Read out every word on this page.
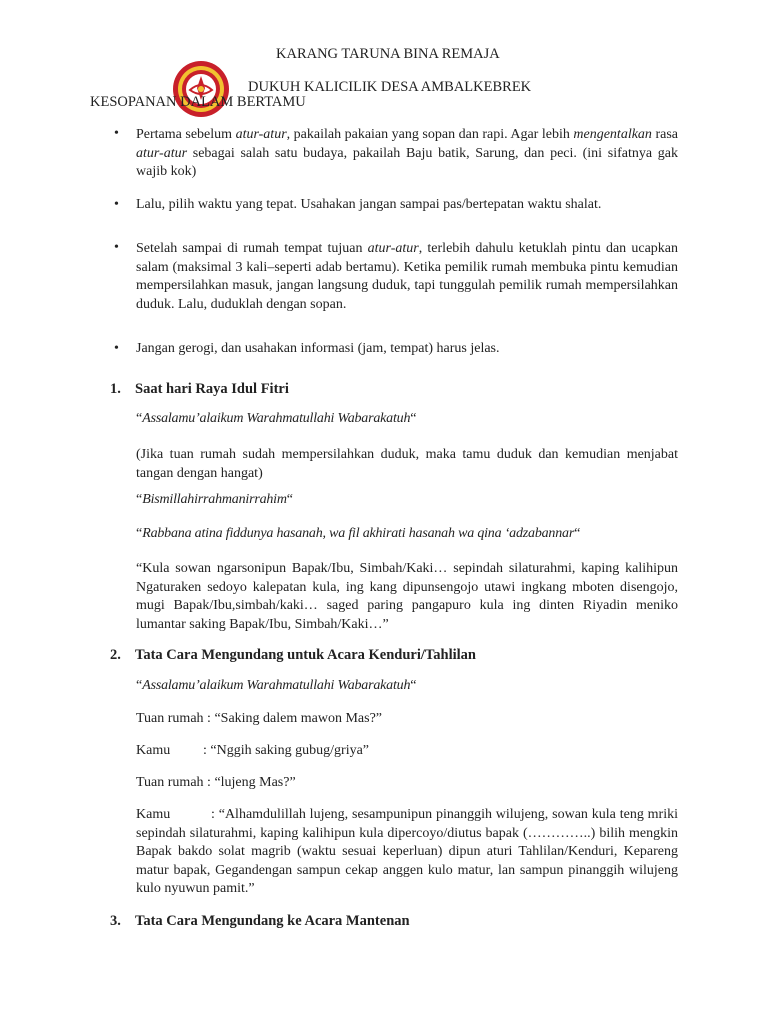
KARANG TARUNA BINA REMAJA
DUKUH KALICILIK DESA AMBALKEBREK
KESOPANAN DALAM BERTAMU
• Pertama sebelum atur-atur, pakailah pakaian yang sopan dan rapi. Agar lebih mengentalkan rasa atur-atur sebagai salah satu budaya, pakailah Baju batik, Sarung, dan peci. (ini sifatnya gak wajib kok)
• Lalu, pilih waktu yang tepat. Usahakan jangan sampai pas/bertepatan waktu shalat.
• Setelah sampai di rumah tempat tujuan atur-atur, terlebih dahulu ketuklah pintu dan ucapkan salam (maksimal 3 kali–seperti adab bertamu). Ketika pemilik rumah membuka pintu kemudian mempersilahkan masuk, jangan langsung duduk, tapi tunggulah pemilik rumah mempersilahkan duduk. Lalu, duduklah dengan sopan.
• Jangan gerogi, dan usahakan informasi (jam, tempat) harus jelas.
1. Saat hari Raya Idul Fitri
“Assalamu’alaikum Warahmatullahi Wabarakatuh“
(Jika tuan rumah sudah mempersilahkan duduk, maka tamu duduk dan kemudian menjabat tangan dengan hangat)
“Bismillahirrahmanirrahim“
“Rabbana atina fiddunya hasanah, wa fil akhirati hasanah wa qina ‘adzabannar“
“Kula sowan ngarsonipun Bapak/Ibu, Simbah/Kaki… sepindah silaturahmi, kaping kalihipun Ngaturaken sedoyo kalepatan kula, ing kang dipunsengojo utawi ingkang mboten disengojo, mugi Bapak/Ibu,simbah/kaki… saged paring pangapuro kula ing dinten Riyadin meniko lumantar saking Bapak/Ibu, Simbah/Kaki…”
2. Tata Cara Mengundang untuk Acara Kenduri/Tahlilan
“Assalamu’alaikum Warahmatullahi Wabarakatuh“
Tuan rumah : “Saking dalem mawon Mas?”
Kamu : “Nggih saking gubug/griya”
Tuan rumah : “lujeng Mas?”
Kamu	: “Alhamdulillah lujeng, sesampunipun pinanggih wilujeng, sowan kula teng mriki sepindah silaturahmi, kaping kalihipun kula dipercoyo/diutus bapak (…………..) bilih mengkin Bapak bakdo solat magrib (waktu sesuai keperluan) dipun aturi Tahlilan/Kenduri, Kepareng matur bapak, Gegandengan sampun cekap anggen kulo matur, lan sampun pinanggih wilujeng kulo nyuwun pamit.”
3. Tata Cara Mengundang ke Acara Mantenan
